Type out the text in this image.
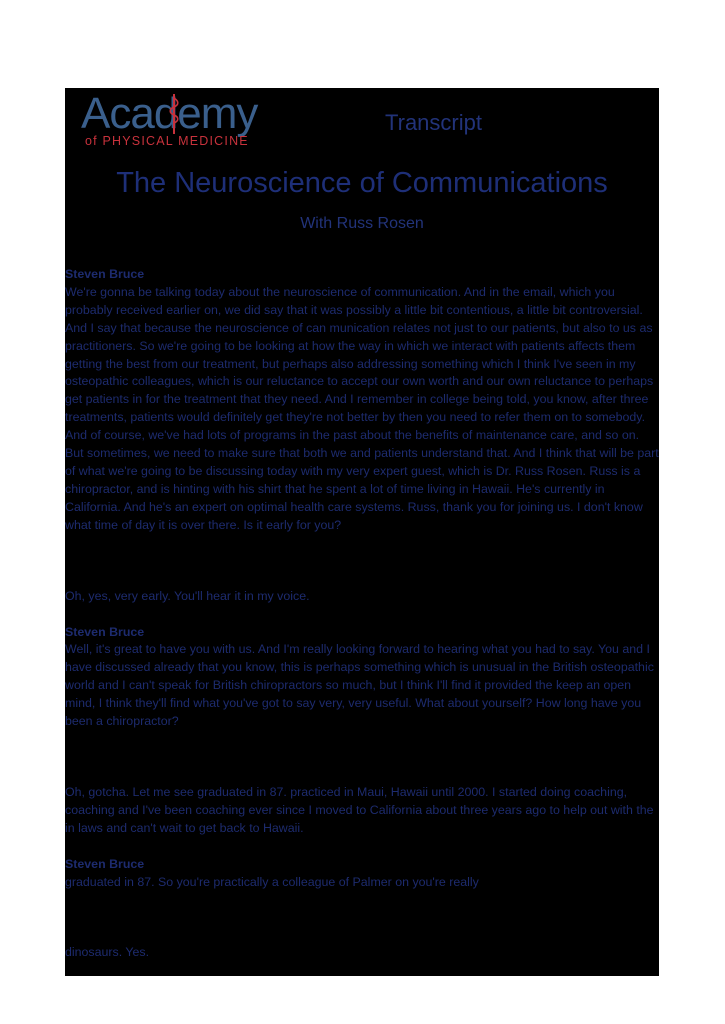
Academy
of PHYSICAL MEDICINE
Transcript
The Neuroscience of Communications
With Russ Rosen
Steven Bruce

We're gonna be talking today about the neuroscience of communication. And in the email, which you probably received earlier on, we did say that it was possibly a little bit contentious, a little bit controversial. And I say that because the neuroscience of can munication relates not just to our patients, but also to us as practitioners. So we're going to be looking at how the way in which we interact with patients affects them getting the best from our treatment, but perhaps also addressing something which I think I've seen in my osteopathic colleagues, which is our reluctance to accept our own worth and our own reluctance to perhaps get patients in for the treatment that they need. And I remember in college being told, you know, after three treatments, patients would definitely get they're not better by then you need to refer them on to somebody. And of course, we've had lots of programs in the past about the benefits of maintenance care, and so on. But sometimes, we need to make sure that both we and patients understand that. And I think that will be part of what we're going to be discussing today with my very expert guest, which is Dr. Russ Rosen. Russ is a chiropractor, and is hinting with his shirt that he spent a lot of time living in Hawaii. He's currently in California. And he's an expert on optimal health care systems. Russ, thank you for joining us. I don't know what time of day it is over there. Is it early for you?

Oh, yes, very early. You'll hear it in my voice.

Steven Bruce

Well, it's great to have you with us. And I'm really looking forward to hearing what you had to say. You and I have discussed already that you know, this is perhaps something which is unusual in the British osteopathic world and I can't speak for British chiropractors so much, but I think I'll find it provided the keep an open mind, I think they'll find what you've got to say very, very useful. What about yourself? How long have you been a chiropractor?

Oh, gotcha. Let me see graduated in 87. practiced in Maui, Hawaii until 2000. I started doing coaching, coaching and I've been coaching ever since I moved to California about three years ago to help out with the in laws and can't wait to get back to Hawaii.

Steven Bruce

graduated in 87. So you're practically a colleague of Palmer on you're really

dinosaurs. Yes.
